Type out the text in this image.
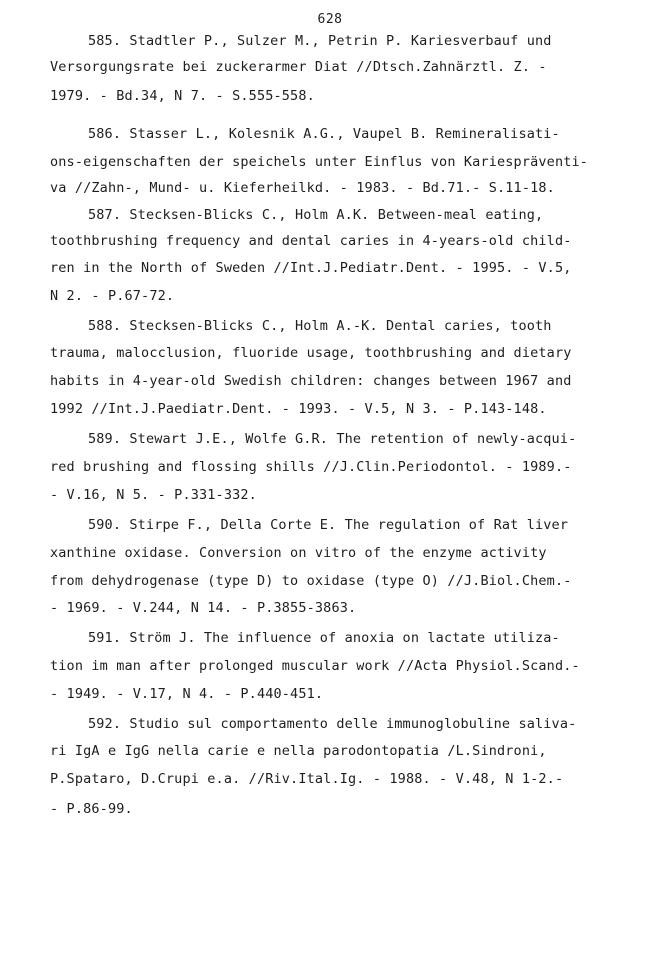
628
585. Stadtler P., Sulzer M., Petrin P. Kariesverbauf und
Versorgungsrate bei zuckerarmer Diat //Dtsch.Zahnärztl. Z. -
1979. - Bd.34, N 7. - S.555-558.
586. Stasser L., Kolesnik A.G., Vaupel B. Remineralisati-
ons-eigenschaften der speichels unter Einflus von Kariespräventi-
va //Zahn-, Mund- u. Kieferheilkd. - 1983. - Bd.71.- S.11-18.
587. Stecksen-Blicks C., Holm A.K. Between-meal eating,
toothbrushing frequency and dental caries in 4-years-old child-
ren in the North of Sweden //Int.J.Pediatr.Dent. - 1995. - V.5,
N 2. - P.67-72.
588. Stecksen-Blicks C., Holm A.-K. Dental caries, tooth
trauma, malocclusion, fluoride usage, toothbrushing and dietary
habits in 4-year-old Swedish children: changes between 1967 and
1992 //Int.J.Paediatr.Dent. - 1993. - V.5, N 3. - P.143-148.
589. Stewart J.E., Wolfe G.R. The retention of newly-acqui-
red brushing and flossing shills //J.Clin.Periodontol. - 1989.-
- V.16, N 5. - P.331-332.
590. Stirpe F., Della Corte E. The regulation of Rat liver
xanthine oxidase. Conversion on vitro of the enzyme activity
from dehydrogenase (type D) to oxidase (type O) //J.Biol.Chem.-
- 1969. - V.244, N 14. - P.3855-3863.
591. Ström J. The influence of anoxia on lactate utiliza-
tion im man after prolonged muscular work //Acta Physiol.Scand.-
- 1949. - V.17, N 4. - P.440-451.
592. Studio sul comportamento delle immunoglobuline saliva-
ri IgA e IgG nella carie e nella parodontopatia /L.Sindroni,
P.Spataro, D.Crupi e.a. //Riv.Ital.Ig. - 1988. - V.48, N 1-2.-
- P.86-99.
